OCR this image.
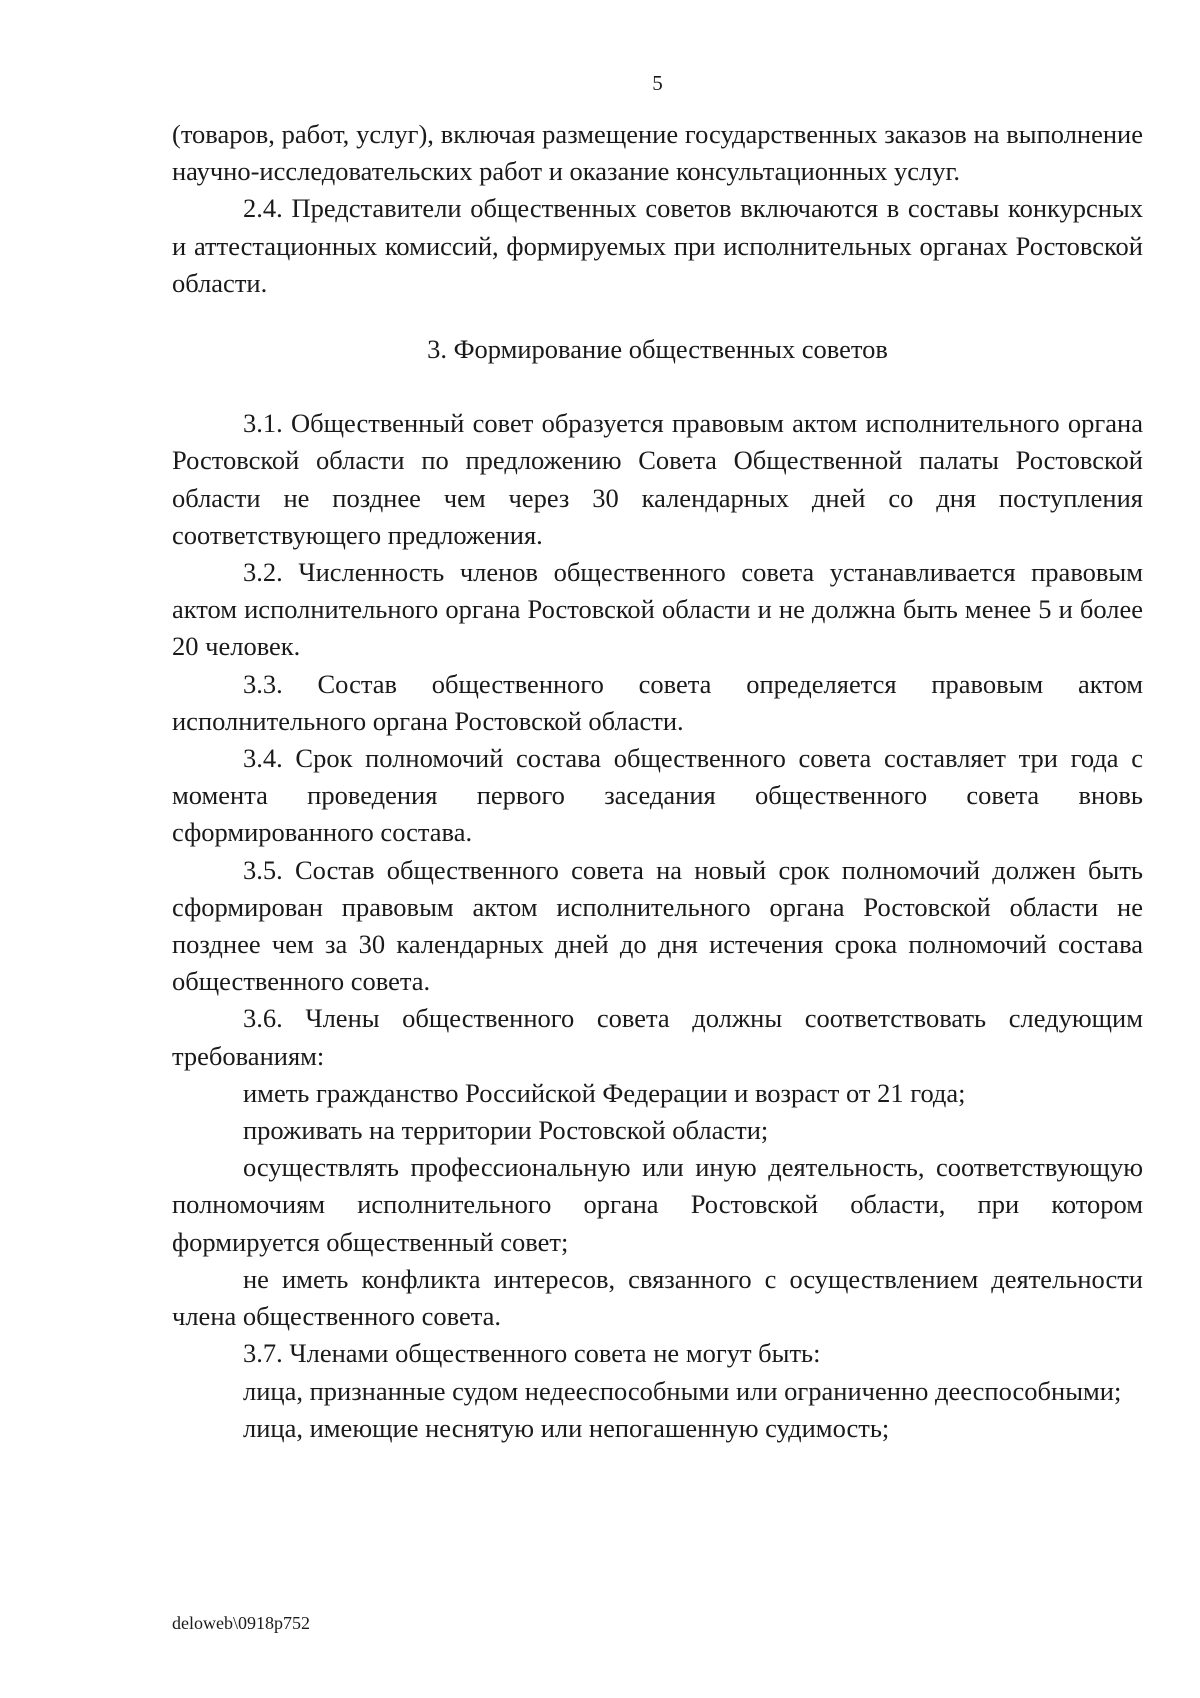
5

(товаров, работ, услуг), включая размещение государственных заказов на выполнение научно-исследовательских работ и оказание консультационных услуг.

2.4. Представители общественных советов включаются в составы конкурсных и аттестационных комиссий, формируемых при исполнительных органах Ростовской области.

3. Формирование общественных советов

3.1. Общественный совет образуется правовым актом исполнительного органа Ростовской области по предложению Совета Общественной палаты Ростовской области не позднее чем через 30 календарных дней со дня поступления соответствующего предложения.

3.2. Численность членов общественного совета устанавливается правовым актом исполнительного органа Ростовской области и не должна быть менее 5 и более 20 человек.

3.3. Состав общественного совета определяется правовым актом исполнительного органа Ростовской области.

3.4. Срок полномочий состава общественного совета составляет три года с момента проведения первого заседания общественного совета вновь сформированного состава.

3.5. Состав общественного совета на новый срок полномочий должен быть сформирован правовым актом исполнительного органа Ростовской области не позднее чем за 30 календарных дней до дня истечения срока полномочий состава общественного совета.

3.6. Члены общественного совета должны соответствовать следующим требованиям:

иметь гражданство Российской Федерации и возраст от 21 года;

проживать на территории Ростовской области;

осуществлять профессиональную или иную деятельность, соответствующую полномочиям исполнительного органа Ростовской области, при котором формируется общественный совет;

не иметь конфликта интересов, связанного с осуществлением деятельности члена общественного совета.

3.7. Членами общественного совета не могут быть:

лица, признанные судом недееспособными или ограниченно дееспособными;

лица, имеющие неснятую или непогашенную судимость;

deloweb\0918p752
